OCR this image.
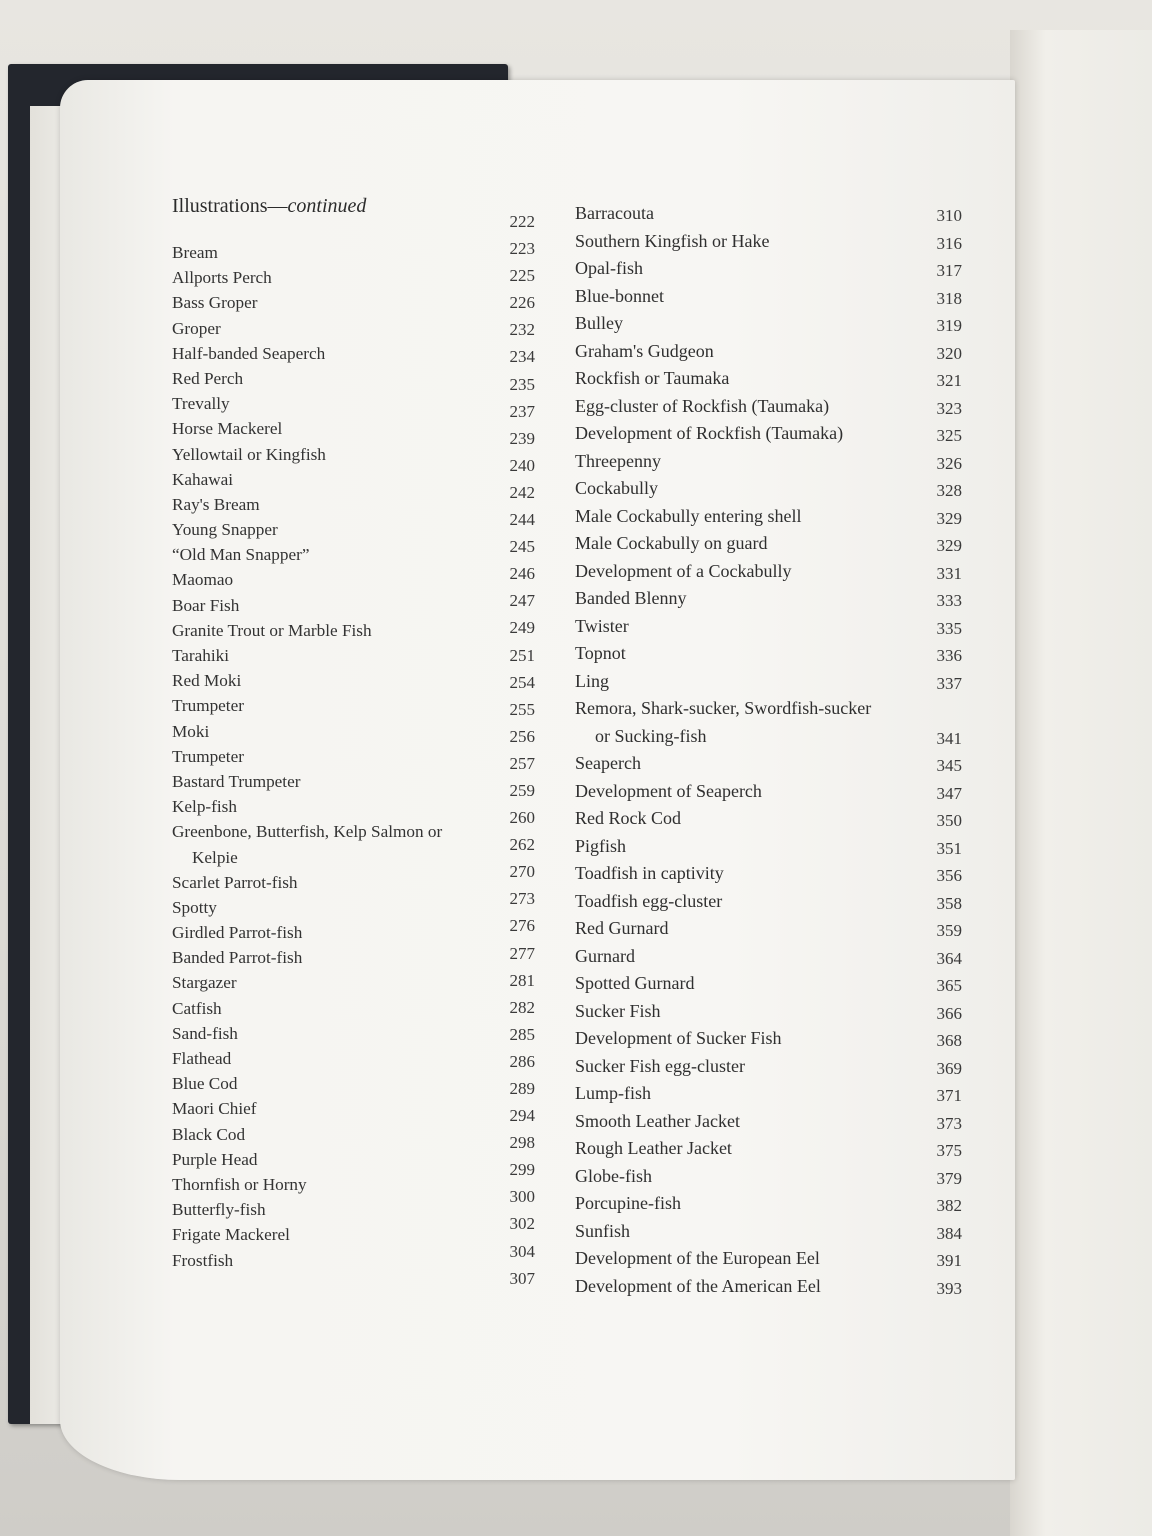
Illustrations—continued
Bream
Allports Perch
Bass Groper
Groper
Half-banded Seaperch
Red Perch
Trevally
Horse Mackerel
Yellowtail or Kingfish
Kahawai
Ray's Bream
Young Snapper
“Old Man Snapper”
Maomao
Boar Fish
Granite Trout or Marble Fish
Tarahiki
Red Moki
Trumpeter
Moki
Trumpeter
Bastard Trumpeter
Kelp-fish
Greenbone, Butterfish, Kelp Salmon or
Kelpie
Scarlet Parrot-fish
Spotty
Girdled Parrot-fish
Banded Parrot-fish
Stargazer
Catfish
Sand-fish
Flathead
Blue Cod
Maori Chief
Black Cod
Purple Head
Thornfish or Horny
Butterfly-fish
Frigate Mackerel
Frostfish
222
223
225
226
232
234
235
237
239
240
242
244
245
246
247
249
251
254
255
256
257
259
260
262
270
273
276
277
281
282
285
286
289
294
298
299
300
302
304
307
Barracouta
Southern Kingfish or Hake
Opal-fish
Blue-bonnet
Bulley
Graham's Gudgeon
Rockfish or Taumaka
Egg-cluster of Rockfish (Taumaka)
Development of Rockfish (Taumaka)
Threepenny
Cockabully
Male Cockabully entering shell
Male Cockabully on guard
Development of a Cockabully
Banded Blenny
Twister
Topnot
Ling
Remora, Shark-sucker, Swordfish-sucker
or Sucking-fish
Seaperch
Development of Seaperch
Red Rock Cod
Pigfish
Toadfish in captivity
Toadfish egg-cluster
Red Gurnard
Gurnard
Spotted Gurnard
Sucker Fish
Development of Sucker Fish
Sucker Fish egg-cluster
Lump-fish
Smooth Leather Jacket
Rough Leather Jacket
Globe-fish
Porcupine-fish
Sunfish
Development of the European Eel
Development of the American Eel
310
316
317
318
319
320
321
323
325
326
328
329
329
331
333
335
336
337
341
345
347
350
351
356
358
359
364
365
366
368
369
371
373
375
379
382
384
391
393
